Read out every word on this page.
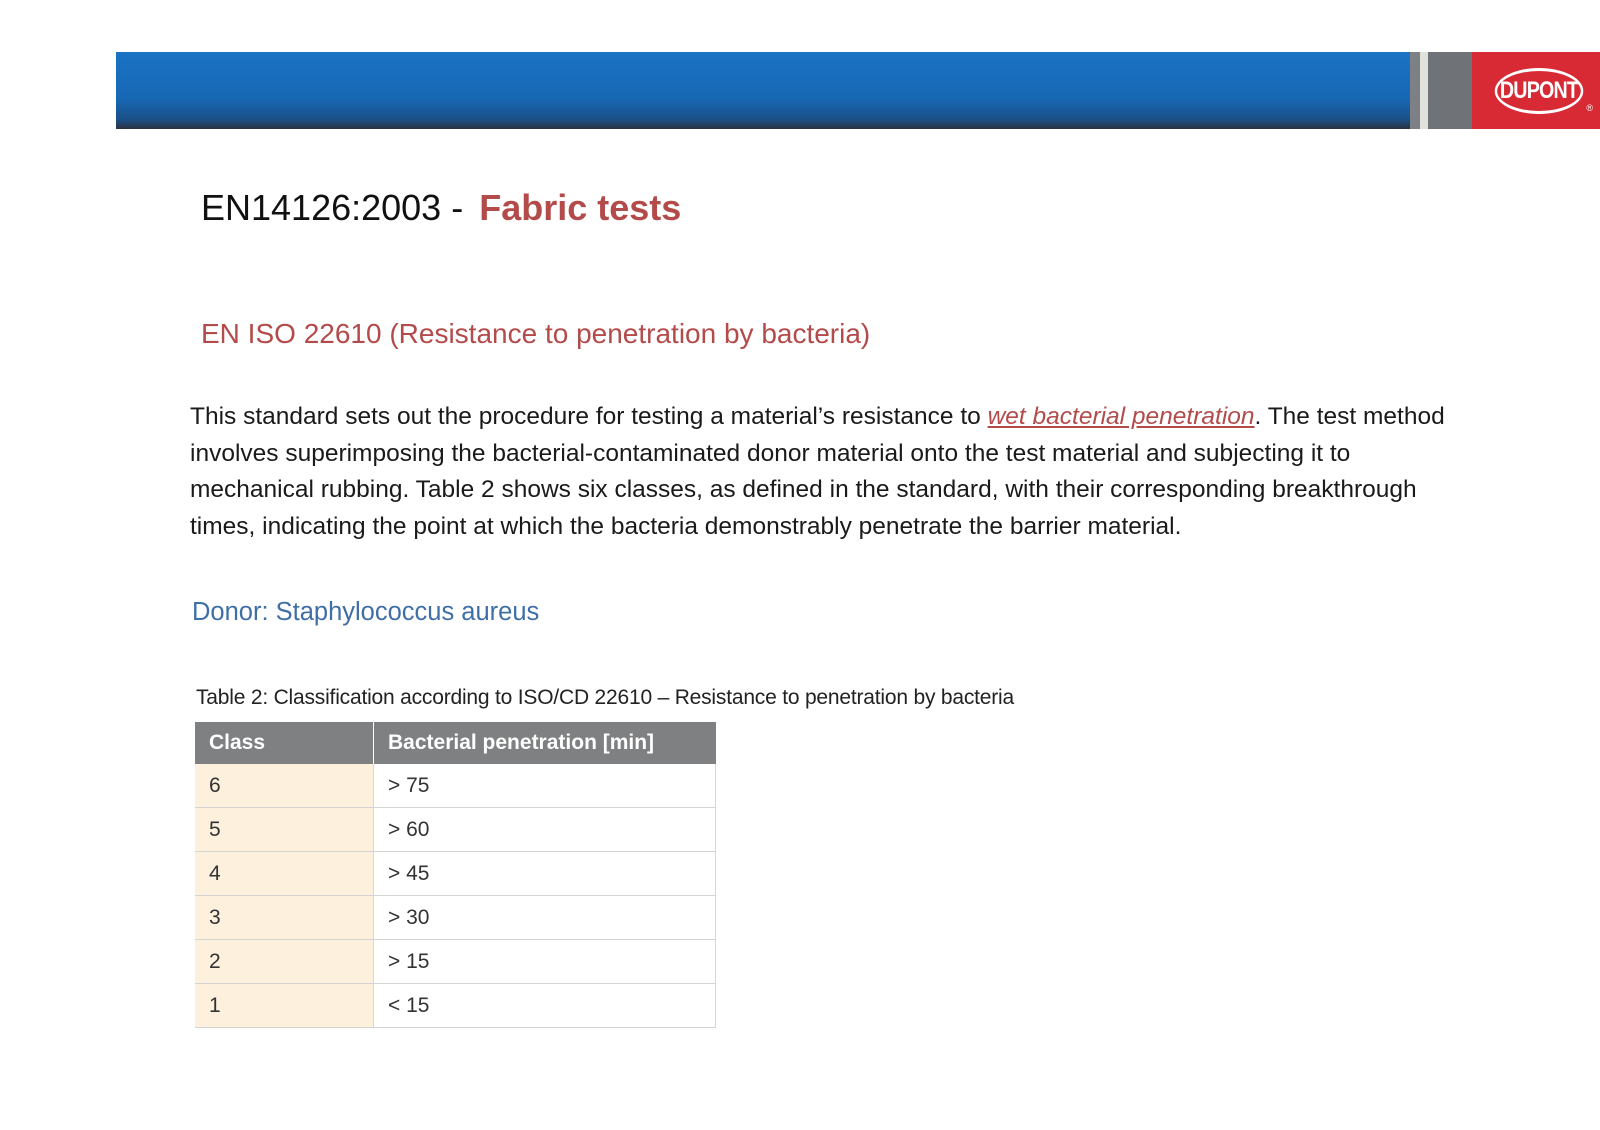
DUPONT
®
EN14126:2003 - Fabric tests
EN ISO 22610 (Resistance to penetration by bacteria)
This standard sets out the procedure for testing a material’s resistance to wet bacterial penetration. The test method involves superimposing the bacterial-contaminated donor material onto the test material and subjecting it to mechanical rubbing. Table 2 shows six classes, as defined in the standard, with their corresponding breakthrough times, indicating the point at which the bacteria demonstrably penetrate the barrier material.
Donor: Staphylococcus aureus
Table 2: Classification according to ISO/CD 22610 – Resistance to penetration by bacteria
Class	Bacterial penetration [min]
6	> 75
5	> 60
4	> 45
3	> 30
2	> 15
1	< 15
